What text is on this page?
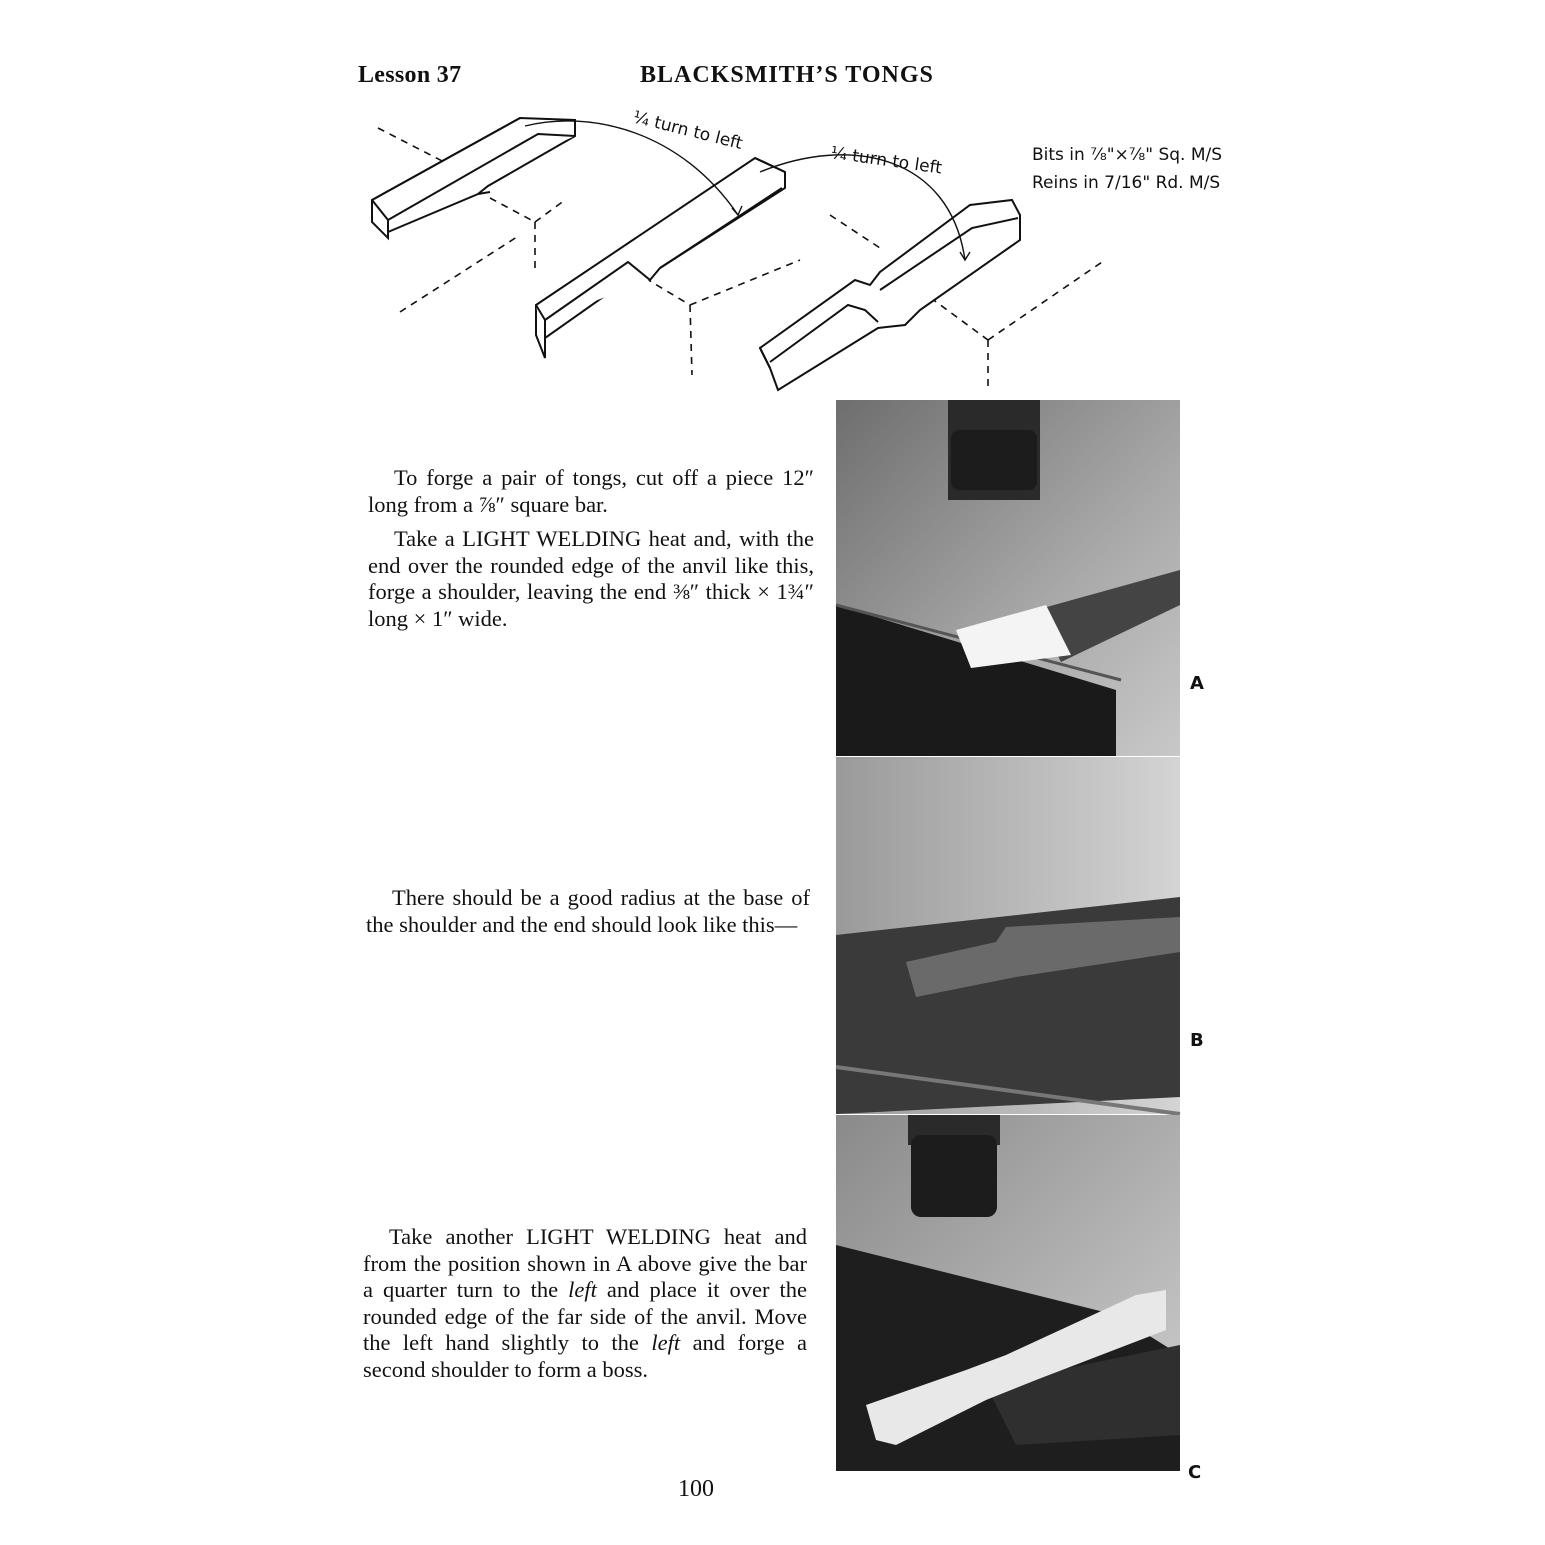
Lesson 37	BLACKSMITH’S TONGS
¼ turn to left
¼ turn to left	Bits in ⅞"×⅞" Sq. M/S
Reins in 7/16" Rd. M/S

To forge a pair of tongs, cut off a piece 12″ long from a ⅞″ square bar.

Take a LIGHT WELDING heat and, with the end over the rounded edge of the anvil like this, forge a shoulder, leaving the end ⅜″ thick × 1¾″ long × 1″ wide.

There should be a good radius at the base of the shoulder and the end should look like this—

Take another LIGHT WELDING heat and from the position shown in A above give the bar a quarter turn to the left and place it over the rounded edge of the far side of the anvil. Move the left hand slightly to the left and forge a second shoulder to form a boss.

A
B
C
100
